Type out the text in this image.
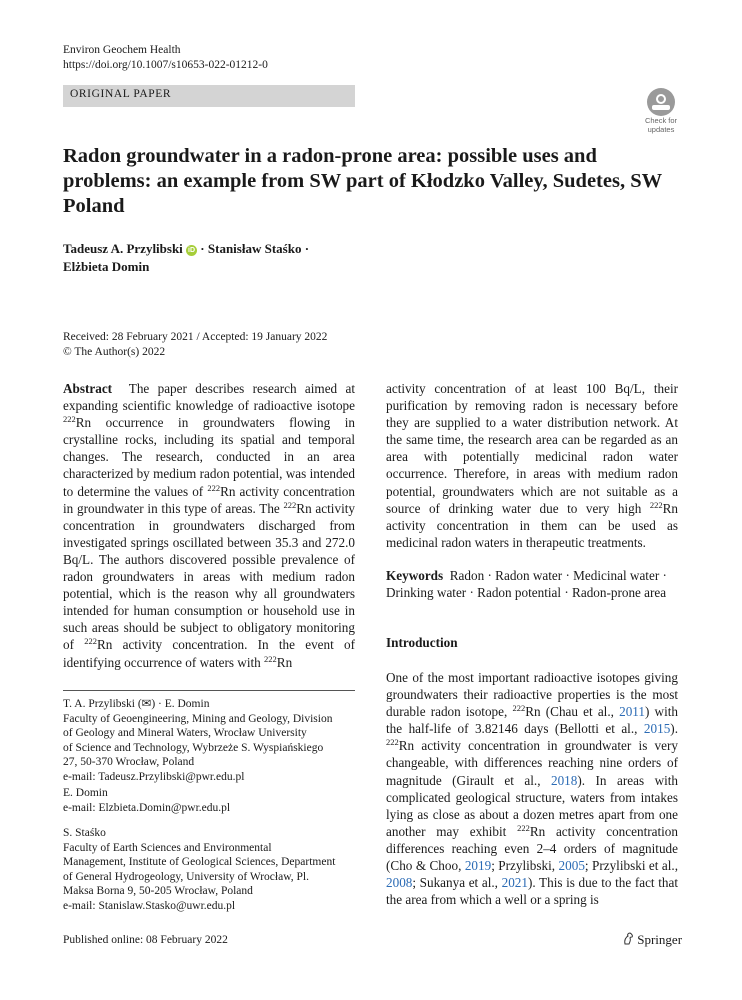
Environ Geochem Health
https://doi.org/10.1007/s10653-022-01212-0
ORIGINAL PAPER
Check for
updates
Radon groundwater in a radon-prone area: possible uses and problems: an example from SW part of Kłodzko Valley, Sudetes, SW Poland
Tadeusz A. Przylibski iD · Stanisław Staśko ·
Elżbieta Domin
Received: 28 February 2021 / Accepted: 19 January 2022
© The Author(s) 2022
Abstract The paper describes research aimed at expanding scientific knowledge of radioactive isotope $^{222}$Rn occurrence in groundwaters flowing in crystalline rocks, including its spatial and temporal changes. The research, conducted in an area characterized by medium radon potential, was intended to determine the values of $^{222}$Rn activity concentration in groundwater in this type of areas. The $^{222}$Rn activity concentration in groundwaters discharged from investigated springs oscillated between 35.3 and 272.0 Bq/L. The authors discovered possible prevalence of radon groundwaters in areas with medium radon potential, which is the reason why all groundwaters intended for human consumption or household use in such areas should be subject to obligatory monitoring of $^{222}$Rn activity concentration. In the event of identifying occurrence of waters with $^{222}$Rn
activity concentration of at least 100 Bq/L, their purification by removing radon is necessary before they are supplied to a water distribution network. At the same time, the research area can be regarded as an area with potentially medicinal radon water occurrence. Therefore, in areas with medium radon potential, groundwaters which are not suitable as a source of drinking water due to very high $^{222}$Rn activity concentration in them can be used as medicinal radon waters in therapeutic treatments.
Keywords Radon · Radon water · Medicinal water · Drinking water · Radon potential · Radon-prone area
Introduction
One of the most important radioactive isotopes giving groundwaters their radioactive properties is the most durable radon isotope, $^{222}$Rn (Chau et al., 2011) with the half-life of 3.82146 days (Bellotti et al., 2015). $^{222}$Rn activity concentration in groundwater is very changeable, with differences reaching nine orders of magnitude (Girault et al., 2018). In areas with complicated geological structure, waters from intakes lying as close as about a dozen metres apart from one another may exhibit $^{222}$Rn activity concentration differences reaching even 2–4 orders of magnitude (Cho & Choo, 2019; Przylibski, 2005; Przylibski et al., 2008; Sukanya et al., 2021). This is due to the fact that the area from which a well or a spring is
T. A. Przylibski (✉) · E. Domin
Faculty of Geoengineering, Mining and Geology, Division
of Geology and Mineral Waters, Wrocław University
of Science and Technology, Wybrzeże S. Wyspiańskiego
27, 50-370 Wrocław, Poland
e-mail: Tadeusz.Przylibski@pwr.edu.pl
E. Domin
e-mail: Elzbieta.Domin@pwr.edu.pl
S. Staśko
Faculty of Earth Sciences and Environmental
Management, Institute of Geological Sciences, Department
of General Hydrogeology, University of Wrocław, Pl.
Maksa Borna 9, 50-205 Wrocław, Poland
e-mail: Stanislaw.Stasko@uwr.edu.pl
Published online: 08 February 2022	Springer
